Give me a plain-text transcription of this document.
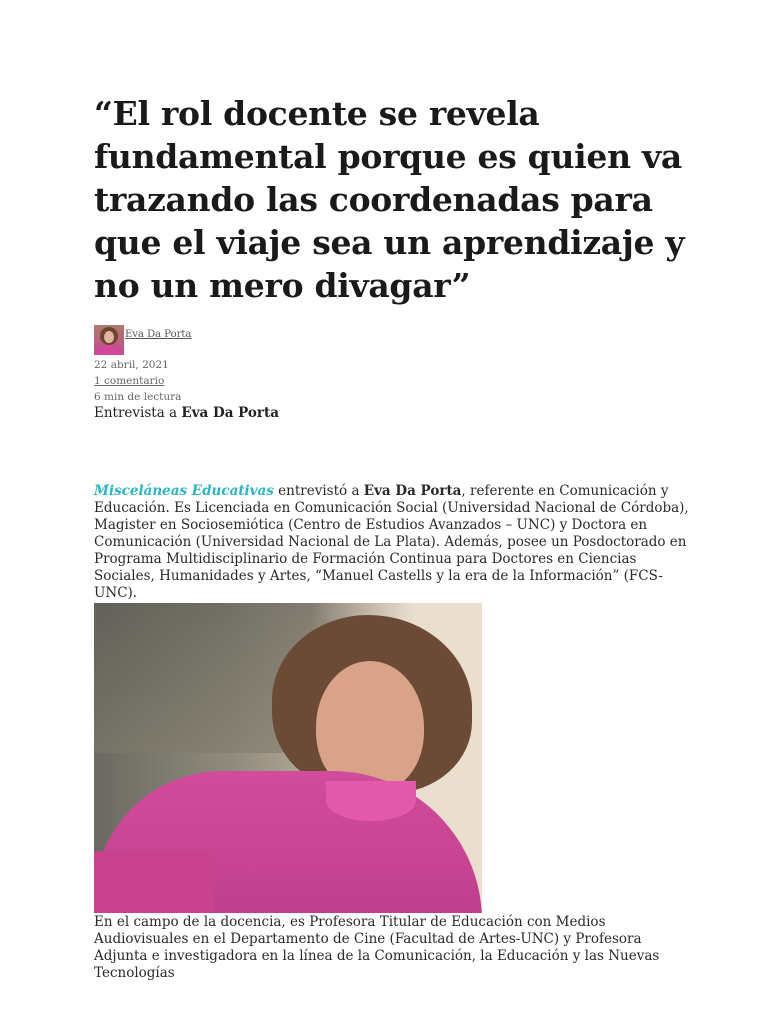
“El rol docente se revela fundamental porque es quien va trazando las coordenadas para que el viaje sea un aprendizaje y no un mero divagar”
Eva Da Porta
22 abril, 2021
1 comentario
6 min de lectura
Entrevista a Eva Da Porta

Misceláneas Educativas entrevistó a Eva Da Porta, referente en Comunicación y Educación. Es Licenciada en Comunicación Social (Universidad Nacional de Córdoba), Magister en Sociosemiótica (Centro de Estudios Avanzados – UNC) y Doctora en Comunicación (Universidad Nacional de La Plata). Además, posee un Posdoctorado en Programa Multidisciplinario de Formación Continua para Doctores en Ciencias Sociales, Humanidades y Artes, “Manuel Castells y la era de la Información” (FCS-UNC).

En el campo de la docencia, es Profesora Titular de Educación con Medios Audiovisuales en el Departamento de Cine (Facultad de Artes-UNC) y Profesora Adjunta e investigadora en la línea de la Comunicación, la Educación y las Nuevas Tecnologías
